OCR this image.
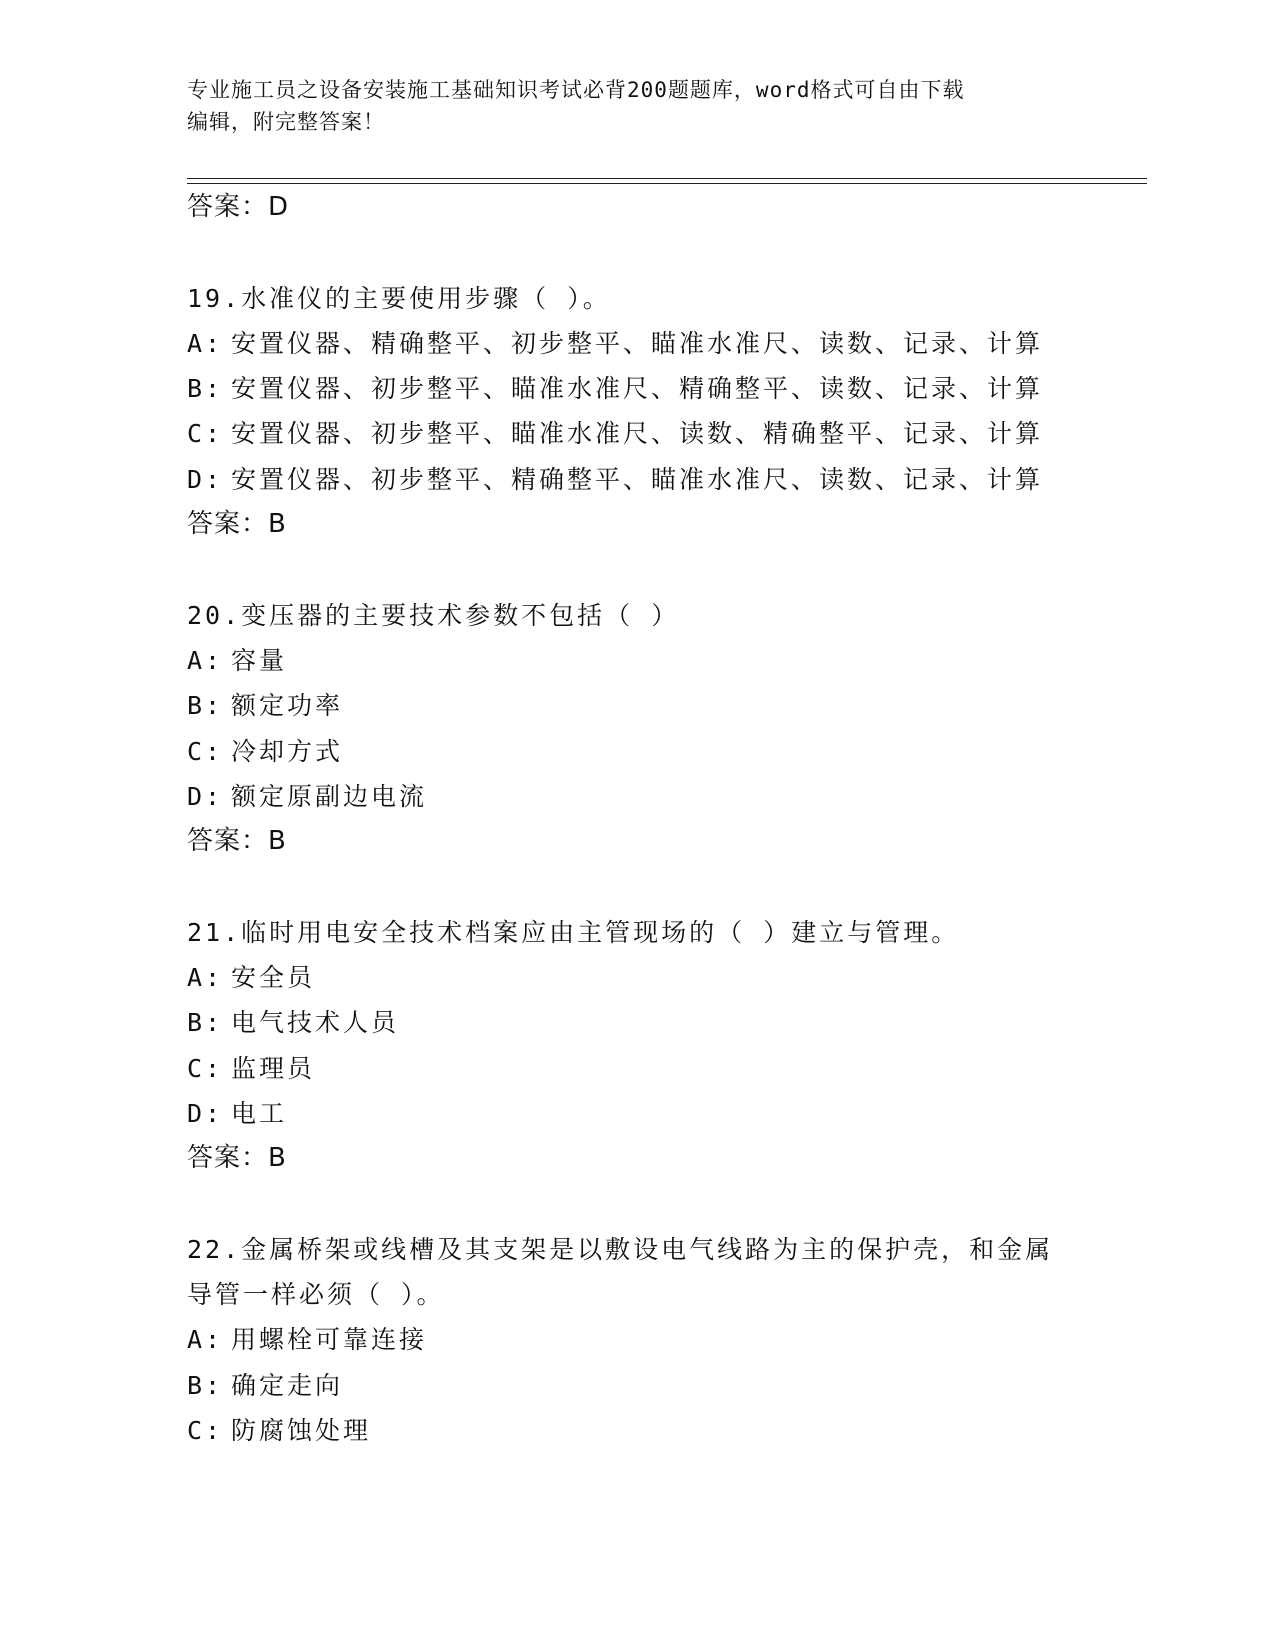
专业施工员之设备安装施工基础知识考试必背200题题库，word格式可自由下载
编辑，附完整答案！
答案：D
19.水准仪的主要使用步骤（ ）。
A: 安置仪器、精确整平、初步整平、瞄准水准尺、读数、记录、计算
B: 安置仪器、初步整平、瞄准水准尺、精确整平、读数、记录、计算
C: 安置仪器、初步整平、瞄准水准尺、读数、精确整平、记录、计算
D: 安置仪器、初步整平、精确整平、瞄准水准尺、读数、记录、计算
答案：B
20.变压器的主要技术参数不包括（ ）
A: 容量
B: 额定功率
C: 冷却方式
D: 额定原副边电流
答案：B
21.临时用电安全技术档案应由主管现场的（ ）建立与管理。
A: 安全员
B: 电气技术人员
C: 监理员
D: 电工
答案：B
22.金属桥架或线槽及其支架是以敷设电气线路为主的保护壳，和金属
导管一样必须（ ）。
A: 用螺栓可靠连接
B: 确定走向
C: 防腐蚀处理
